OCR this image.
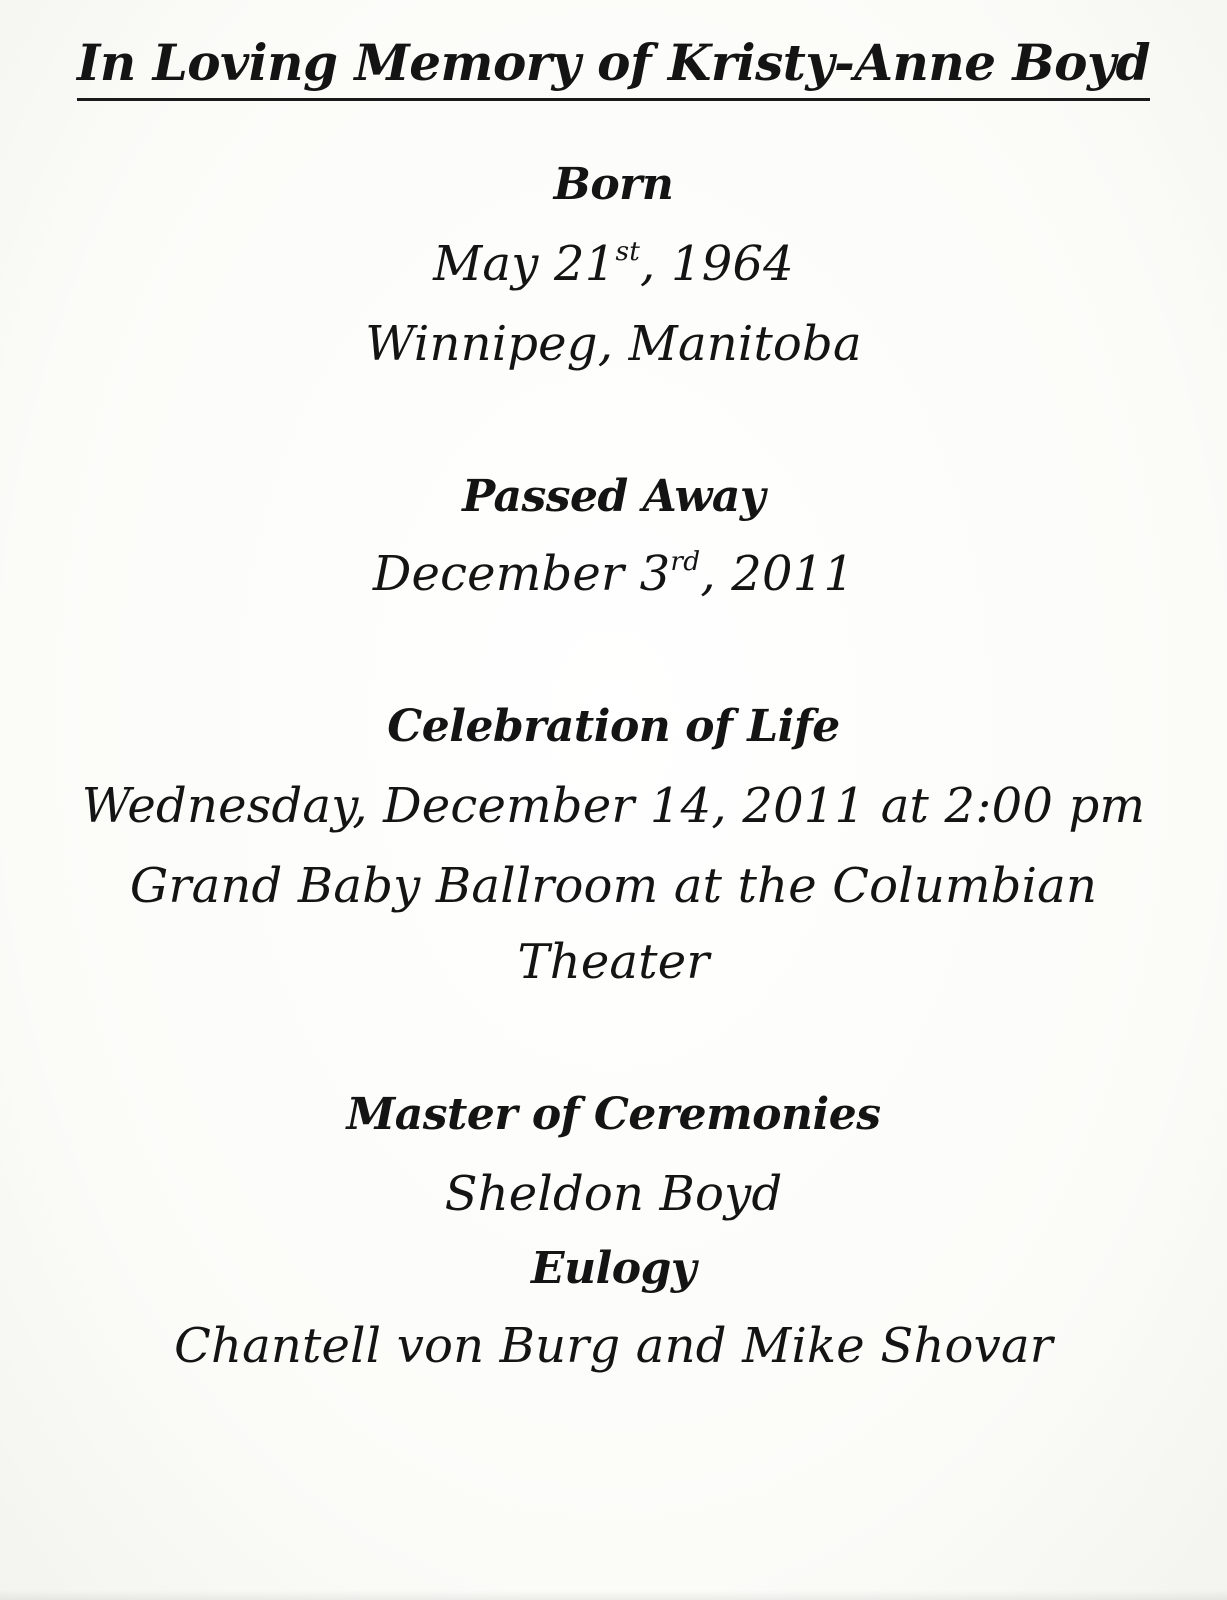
In Loving Memory of Kristy-Anne Boyd
Born
May 21st, 1964
Winnipeg, Manitoba
Passed Away
December 3rd, 2011
Celebration of Life
Wednesday, December 14, 2011 at 2:00 pm
Grand Baby Ballroom at the Columbian
Theater
Master of Ceremonies
Sheldon Boyd
Eulogy
Chantell von Burg and Mike Shovar
